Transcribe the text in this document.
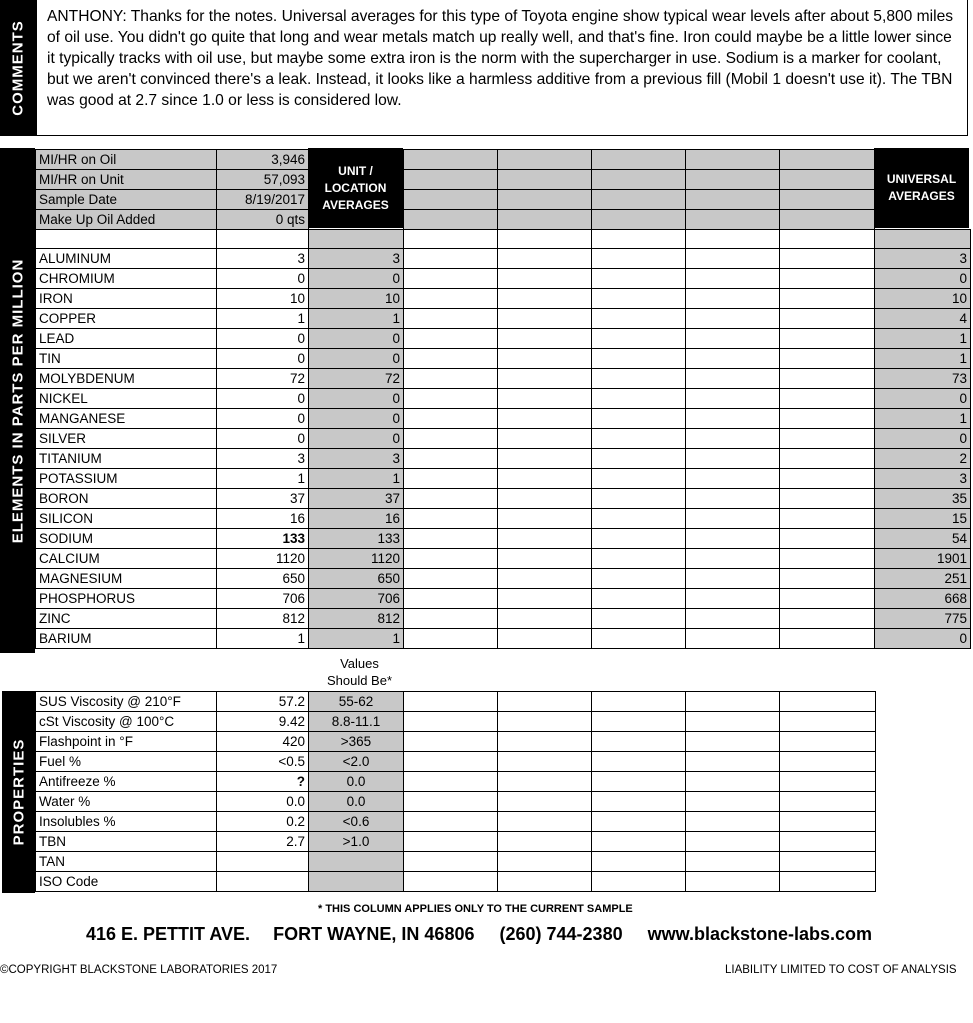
COMMENTS
ANTHONY: Thanks for the notes. Universal averages for this type of Toyota engine show typical wear levels after about 5,800 miles of oil use. You didn't go quite that long and wear metals match up really well, and that's fine. Iron could maybe be a little lower since it typically tracks with oil use, but maybe some extra iron is the norm with the supercharger in use. Sodium is a marker for coolant, but we aren't convinced there's a leak. Instead, it looks like a harmless additive from a previous fill (Mobil 1 doesn't use it). The TBN was good at 2.7 since 1.0 or less is considered low.
ELEMENTS IN PARTS PER MILLION
UNIT / LOCATION AVERAGES
UNIVERSAL AVERAGES
MI/HR on Oil	3,946							
MI/HR on Unit	57,093							
Sample Date	8/19/2017							
Make Up Oil Added	0 qts							

ALUMINUM	3	3						3
CHROMIUM	0	0						0
IRON	10	10						10
COPPER	1	1						4
LEAD	0	0						1
TIN	0	0						1
MOLYBDENUM	72	72						73
NICKEL	0	0						0
MANGANESE	0	0						1
SILVER	0	0						0
TITANIUM	3	3						2
POTASSIUM	1	1						3
BORON	37	37						35
SILICON	16	16						15
SODIUM	133	133						54
CALCIUM	1120	1120						1901
MAGNESIUM	650	650						251
PHOSPHORUS	706	706						668
ZINC	812	812						775
BARIUM	1	1						0
Values Should Be*
PROPERTIES
SUS Viscosity @ 210°F	57.2	55-62					
cSt Viscosity @ 100°C	9.42	8.8-11.1					
Flashpoint in °F	420	>365					
Fuel %	<0.5	<2.0					
Antifreeze %	?	0.0					
Water %	0.0	0.0					
Insolubles %	0.2	<0.6					
TBN	2.7	>1.0					
TAN							
ISO Code							
* THIS COLUMN APPLIES ONLY TO THE CURRENT SAMPLE
416 E. PETTIT AVE. FORT WAYNE, IN 46806 (260) 744-2380 www.blackstone-labs.com
©COPYRIGHT BLACKSTONE LABORATORIES 2017	LIABILITY LIMITED TO COST OF ANALYSIS
